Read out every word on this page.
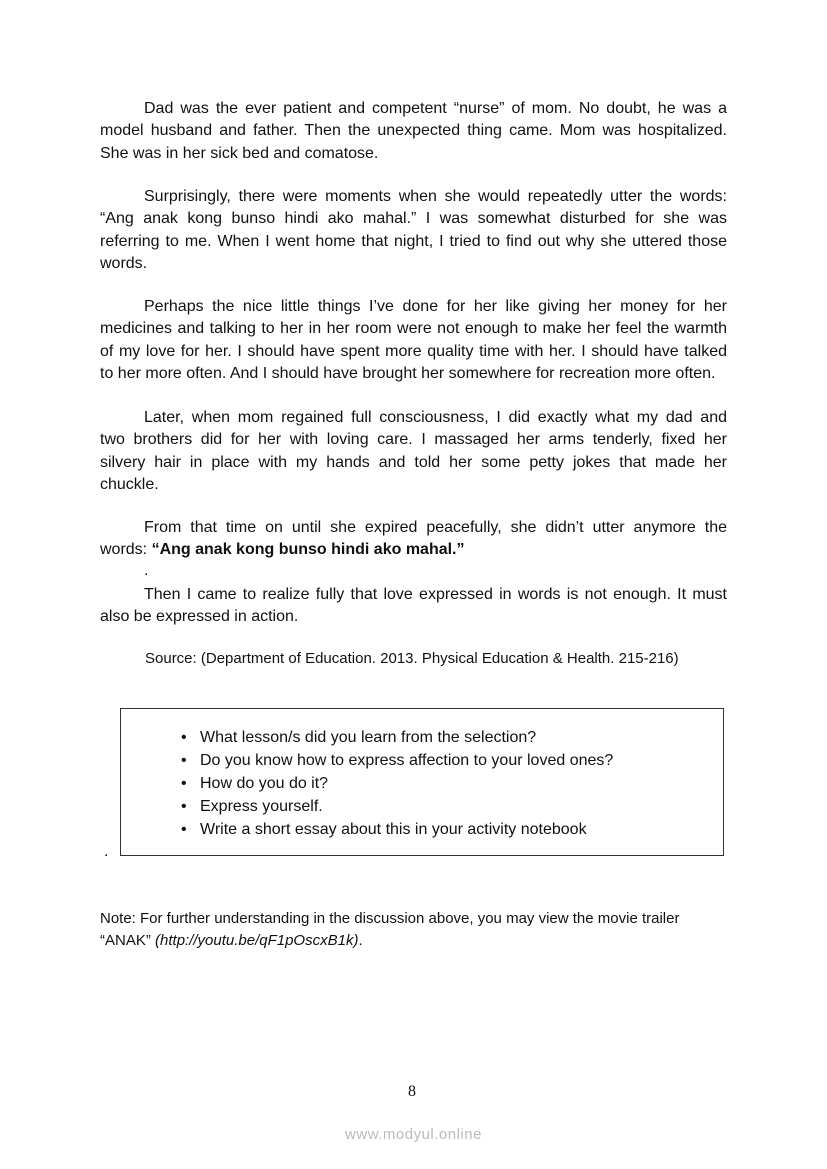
Dad was the ever patient and competent “nurse” of mom. No doubt, he was a
model husband and father. Then the unexpected thing came. Mom was hospitalized.
She was in her sick bed and comatose.
Surprisingly, there were moments when she would repeatedly utter the words:
“Ang anak kong bunso hindi ako mahal.” I was somewhat disturbed for she was
referring to me. When I went home that night, I tried to find out why she uttered those
words.
Perhaps the nice little things I’ve done for her like giving her money for her
medicines and talking to her in her room were not enough to make her feel the warmth
of my love for her. I should have spent more quality time with her. I should have talked
to her more often. And I should have brought her somewhere for recreation more often.
Later, when mom regained full consciousness, I did exactly what my dad and
two brothers did for her with loving care. I massaged her arms tenderly, fixed her
silvery hair in place with my hands and told her some petty jokes that made her
chuckle.
From that time on until she expired peacefully, she didn’t utter anymore the
words: “Ang anak kong bunso hindi ako mahal.”
.
Then I came to realize fully that love expressed in words is not enough. It must
also be expressed in action.
Source: (Department of Education. 2013. Physical Education & Health. 215-216)
• What lesson/s did you learn from the selection?
• Do you know how to express affection to your loved ones?
• How do you do it?
• Express yourself.
• Write a short essay about this in your activity notebook
.
Note: For further understanding in the discussion above, you may view the movie trailer
“ANAK” (http://youtu.be/qF1pOscxB1k).
8
www.modyul.online
